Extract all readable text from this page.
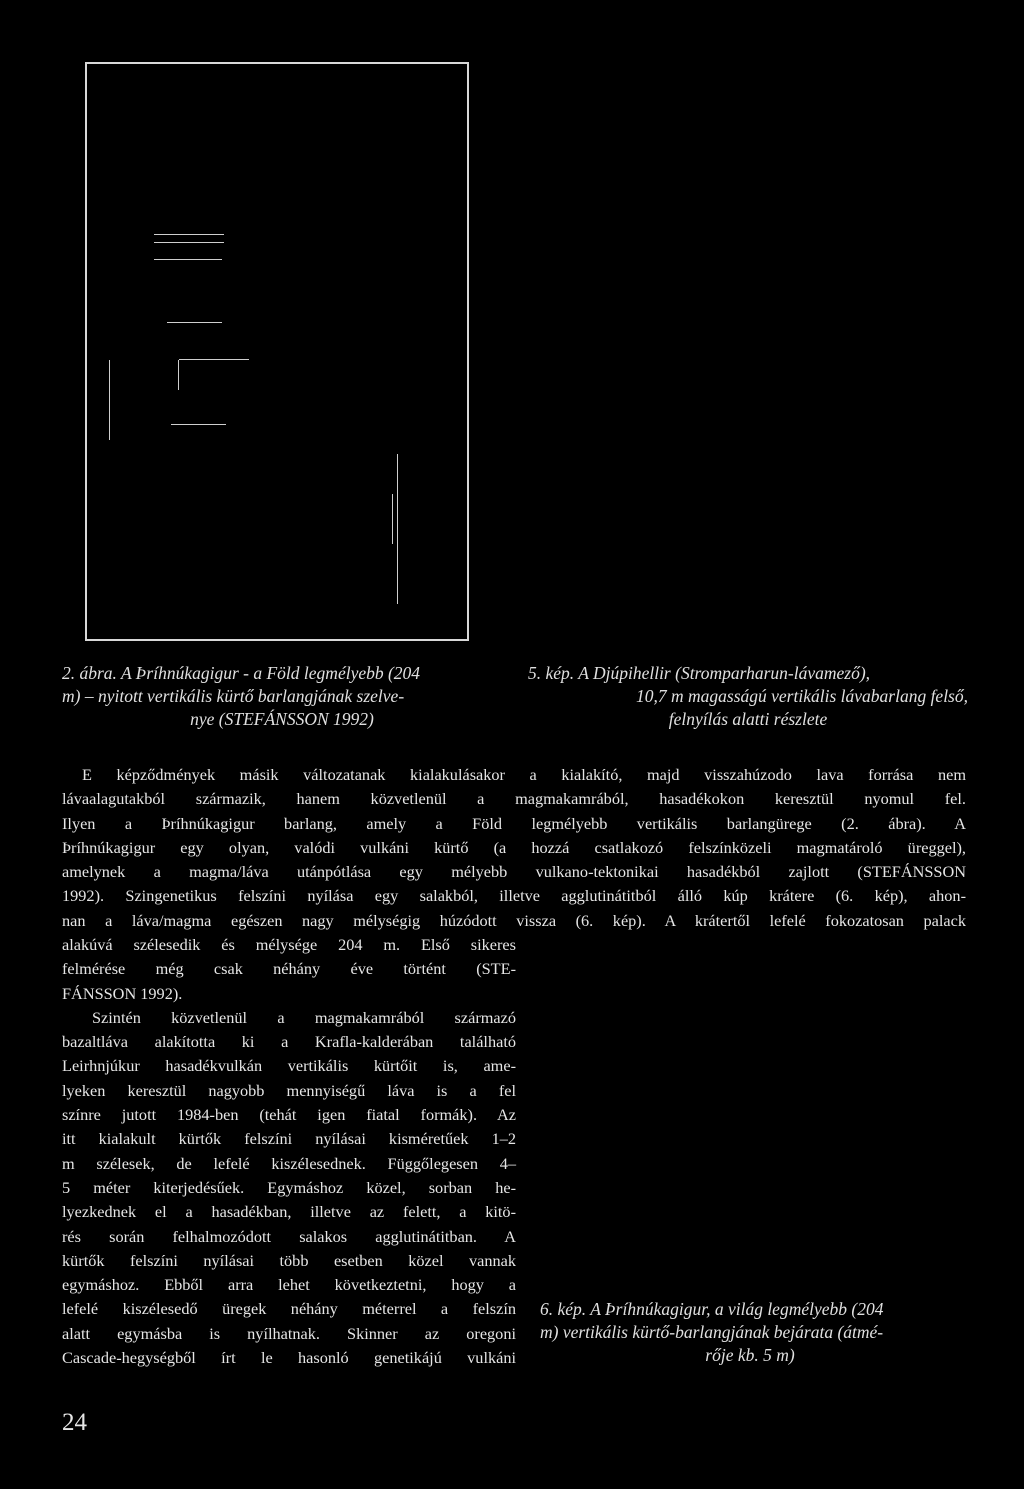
2. ábra. A Þríhnúkagigur - a Föld legmélyebb (204
m) – nyitott vertikális kürtő barlangjának szelve-
nye (STEFÁNSSON 1992)
5. kép. A Djúpihellir (Stromparharun-lávamező),
10,7 m magasságú vertikális lávabarlang felső,
felnyílás alatti részlete
E képződmények másik változatanak kialakulásakor a kialakító, majd visszahúzodo lava forrása nem
lávaalagutakból származik, hanem közvetlenül a magmakamrából, hasadékokon keresztül nyomul fel.
Ilyen a Þríhnúkagigur barlang, amely a Föld legmélyebb vertikális barlangürege (2. ábra). A
Þríhnúkagigur egy olyan, valódi vulkáni kürtő (a hozzá csatlakozó felszínközeli magmatároló üreggel),
amelynek a magma/láva utánpótlása egy mélyebb vulkano-tektonikai hasadékból zajlott (STEFÁNSSON
1992). Szingenetikus felszíni nyílása egy salakból, illetve agglutinátitból álló kúp krátere (6. kép), ahon-
nan a láva/magma egészen nagy mélységig húzódott vissza (6. kép). A krátertől lefelé fokozatosan palack
alakúvá szélesedik és mélysége 204 m. Első sikeres
felmérése még csak néhány éve történt (STE-
FÁNSSON 1992).
Szintén közvetlenül a magmakamrából származó
bazaltláva alakította ki a Krafla-kalderában található
Leirhnjúkur hasadékvulkán vertikális kürtőit is, ame-
lyeken keresztül nagyobb mennyiségű láva is a fel
színre jutott 1984-ben (tehát igen fiatal formák). Az
itt kialakult kürtők felszíni nyílásai kisméretűek 1–2
m szélesek, de lefelé kiszélesednek. Függőlegesen 4–
5 méter kiterjedésűek. Egymáshoz közel, sorban he-
lyezkednek el a hasadékban, illetve az felett, a kitö-
rés során felhalmozódott salakos agglutinátitban. A
kürtők felszíni nyílásai több esetben közel vannak
egymáshoz. Ebből arra lehet következtetni, hogy a
lefelé kiszélesedő üregek néhány méterrel a felszín
alatt egymásba is nyílhatnak. Skinner az oregoni
Cascade-hegységből írt le hasonló genetikájú vulkáni
6. kép. A Þríhnúkagigur, a világ legmélyebb (204
m) vertikális kürtő-barlangjának bejárata (átmé-
rője kb. 5 m)
24
